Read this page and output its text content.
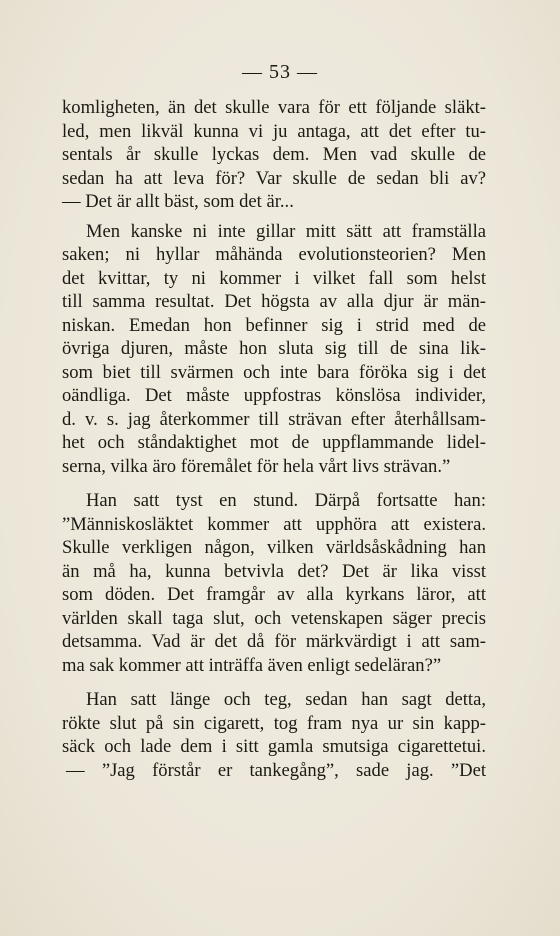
— 53 —
komligheten, än det skulle vara för ett följande släkt-
led, men likväl kunna vi ju antaga, att det efter tu-
sentals år skulle lyckas dem. Men vad skulle de
sedan ha att leva för? Var skulle de sedan bli av?
— Det är allt bäst, som det är...
Men kanske ni inte gillar mitt sätt att framställa
saken; ni hyllar måhända evolutionsteorien? Men
det kvittar, ty ni kommer i vilket fall som helst
till samma resultat. Det högsta av alla djur är män-
niskan. Emedan hon befinner sig i strid med de
övriga djuren, måste hon sluta sig till de sina lik-
som biet till svärmen och inte bara föröka sig i det
oändliga. Det måste uppfostras könslösa individer,
d. v. s. jag återkommer till strävan efter återhållsam-
het och ståndaktighet mot de uppflammande lidel-
serna, vilka äro föremålet för hela vårt livs strävan.”
Han satt tyst en stund. Därpå fortsatte han:
”Människosläktet kommer att upphöra att existera.
Skulle verkligen någon, vilken världsåskådning han
än må ha, kunna betvivla det? Det är lika visst
som döden. Det framgår av alla kyrkans läror, att
världen skall taga slut, och vetenskapen säger precis
detsamma. Vad är det då för märkvärdigt i att sam-
ma sak kommer att inträffa även enligt sedeläran?”
Han satt länge och teg, sedan han sagt detta,
rökte slut på sin cigarett, tog fram nya ur sin kapp-
säck och lade dem i sitt gamla smutsiga cigarettetui.
— ”Jag förstår er tankegång”, sade jag. ”Det
